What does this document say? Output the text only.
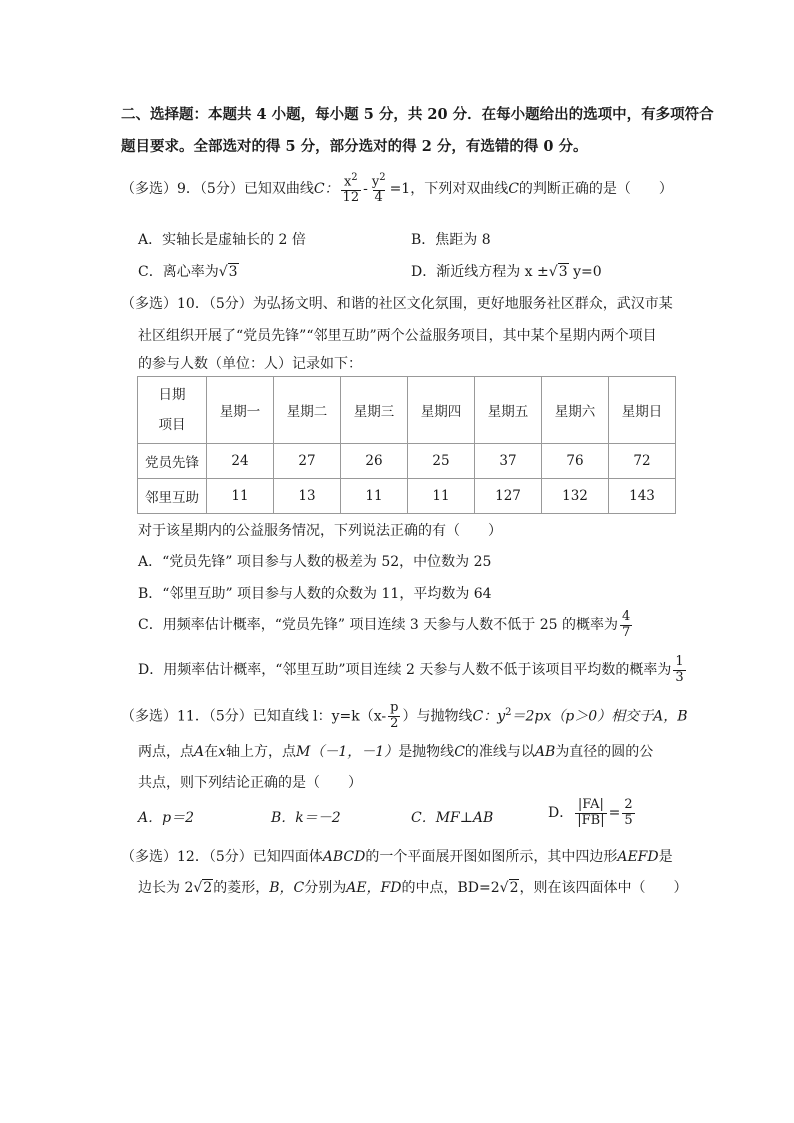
二、选择题：本题共 4 小题，每小题 5 分，共 20 分．在每小题给出的选项中，有多项符合
题目要求。全部选对的得 5 分，部分选对的得 2 分，有选错的得 0 分。
（多选）9．（5分）已知双曲线C： $\frac{x^2}{12} - \frac{y^2}{4} =1$，下列对双曲线C的判断正确的是（　　）
A．实轴长是虚轴长的 2 倍	B．焦距为 8
C．离心率为√3	D．渐近线方程为 x ±√3 y=0
（多选）10．（5分）为弘扬文明、和谐的社区文化氛围，更好地服务社区群众，武汉市某
社区组织开展了“党员先锋”“邻里互助”两个公益服务项目，其中某个星期内两个项目
的参与人数（单位：人）记录如下：
日期
项目	星期一	星期二	星期三	星期四	星期五	星期六	星期日
党员先锋	24	27	26	25	37	76	72
邻里互助	11	13	11	11	127	132	143
对于该星期内的公益服务情况，下列说法正确的有（　　）
A．“党员先锋” 项目参与人数的极差为 52，中位数为 25
B．“邻里互助” 项目参与人数的众数为 11，平均数为 64
C．用频率估计概率，“党员先锋” 项目连续 3 天参与人数不低于 25 的概率为 $\frac{4}{7}$
D．用频率估计概率，“邻里互助”项目连续 2 天参与人数不低于该项目平均数的概率为 $\frac{1}{3}$
（多选）11．（5分）已知直线 l：$y=k(x- \frac{p}{2}$ ）与抛物线C：$y^2=2px(p>0)$相交于A，B
两点，点A在x轴上方，点M（－1，－1）是抛物线C的准线与以AB为直径的圆的公
共点，则下列结论正确的是（　　）
A．p＝2	B．k＝－2	C．MF⊥AB	D． $\frac{|FA|}{|FB|} = \frac{2}{5}$
（多选）12．（5分）已知四面体ABCD的一个平面展开图如图所示，其中四边形AEFD是
边长为 2√2的菱形，B，C分别为AE，FD的中点，BD=2√2，则在该四面体中（　　）
